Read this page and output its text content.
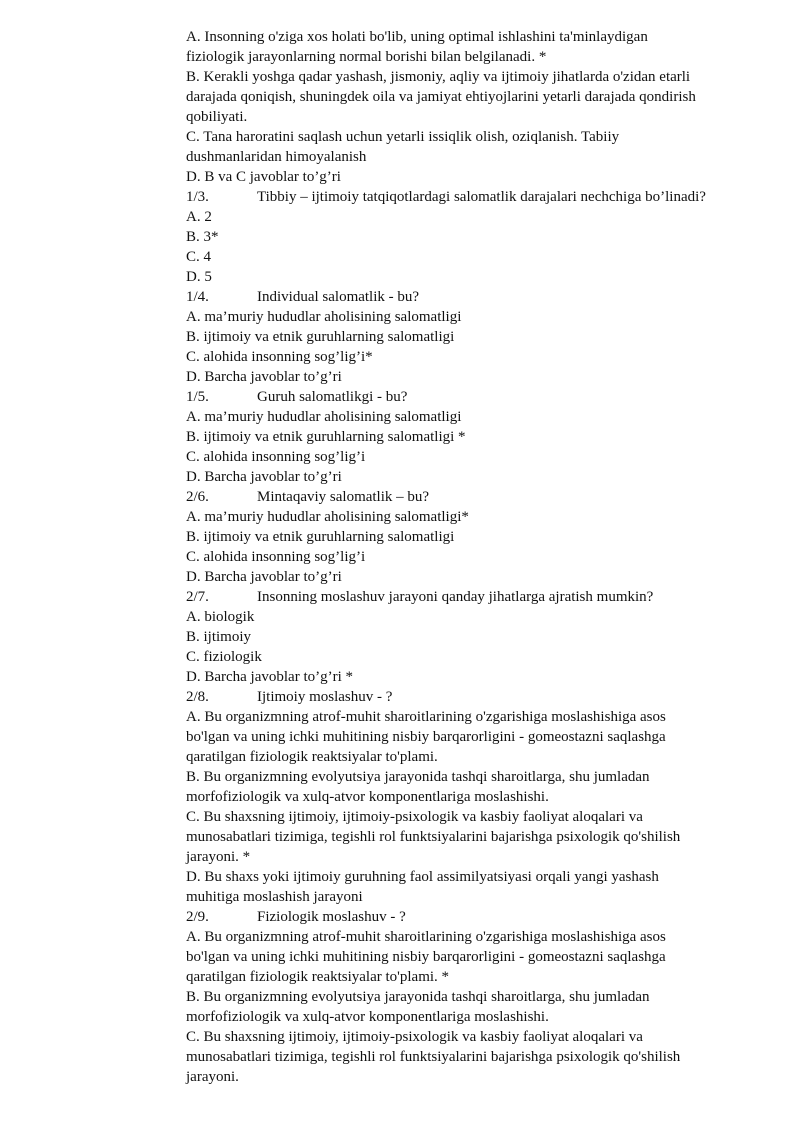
A. Insonning o'ziga xos holati bo'lib, uning optimal ishlashini ta'minlaydigan
fiziologik jarayonlarning normal borishi bilan belgilanadi. *
B. Kerakli yoshga qadar yashash, jismoniy, aqliy va ijtimoiy jihatlarda o'zidan etarli
darajada qoniqish, shuningdek oila va jamiyat ehtiyojlarini yetarli darajada qondirish
qobiliyati.
C. Tana haroratini saqlash uchun yetarli issiqlik olish, oziqlanish. Tabiiy
dushmanlaridan himoyalanish
D. B va C javoblar to’g’ri
1/3.	Tibbiy – ijtimoiy tatqiqotlardagi salomatlik darajalari nechchiga bo’linadi?
A. 2
B. 3*
C. 4
D. 5
1/4.	Individual salomatlik - bu?
A. ma’muriy hududlar aholisining salomatligi
B. ijtimoiy va etnik guruhlarning salomatligi
C. alohida insonning sog’lig’i*
D. Barcha javoblar to’g’ri
1/5.	Guruh salomatlikgi - bu?
A. ma’muriy hududlar aholisining salomatligi
B. ijtimoiy va etnik guruhlarning salomatligi *
C. alohida insonning sog’lig’i
D. Barcha javoblar to’g’ri
2/6.	Mintaqaviy salomatlik – bu?
A. ma’muriy hududlar aholisining salomatligi*
B. ijtimoiy va etnik guruhlarning salomatligi
C. alohida insonning sog’lig’i
D. Barcha javoblar to’g’ri
2/7.	Insonning moslashuv jarayoni qanday jihatlarga ajratish mumkin?
A. biologik
B. ijtimoiy
C. fiziologik
D. Barcha javoblar to’g’ri *
2/8.	Ijtimoiy moslashuv - ?
A. Bu organizmning atrof-muhit sharoitlarining o'zgarishiga moslashishiga asos
bo'lgan va uning ichki muhitining nisbiy barqarorligini - gomeostazni saqlashga
qaratilgan fiziologik reaktsiyalar to'plami.
B. Bu organizmning evolyutsiya jarayonida tashqi sharoitlarga, shu jumladan
morfofiziologik va xulq-atvor komponentlariga moslashishi.
C. Bu shaxsning ijtimoiy, ijtimoiy-psixologik va kasbiy faoliyat aloqalari va
munosabatlari tizimiga, tegishli rol funktsiyalarini bajarishga psixologik qo'shilish
jarayoni. *
D. Bu shaxs yoki ijtimoiy guruhning faol assimilyatsiyasi orqali yangi yashash
muhitiga moslashish jarayoni
2/9.	Fiziologik moslashuv - ?
A. Bu organizmning atrof-muhit sharoitlarining o'zgarishiga moslashishiga asos
bo'lgan va uning ichki muhitining nisbiy barqarorligini - gomeostazni saqlashga
qaratilgan fiziologik reaktsiyalar to'plami. *
B. Bu organizmning evolyutsiya jarayonida tashqi sharoitlarga, shu jumladan
morfofiziologik va xulq-atvor komponentlariga moslashishi.
C. Bu shaxsning ijtimoiy, ijtimoiy-psixologik va kasbiy faoliyat aloqalari va
munosabatlari tizimiga, tegishli rol funktsiyalarini bajarishga psixologik qo'shilish
jarayoni.
